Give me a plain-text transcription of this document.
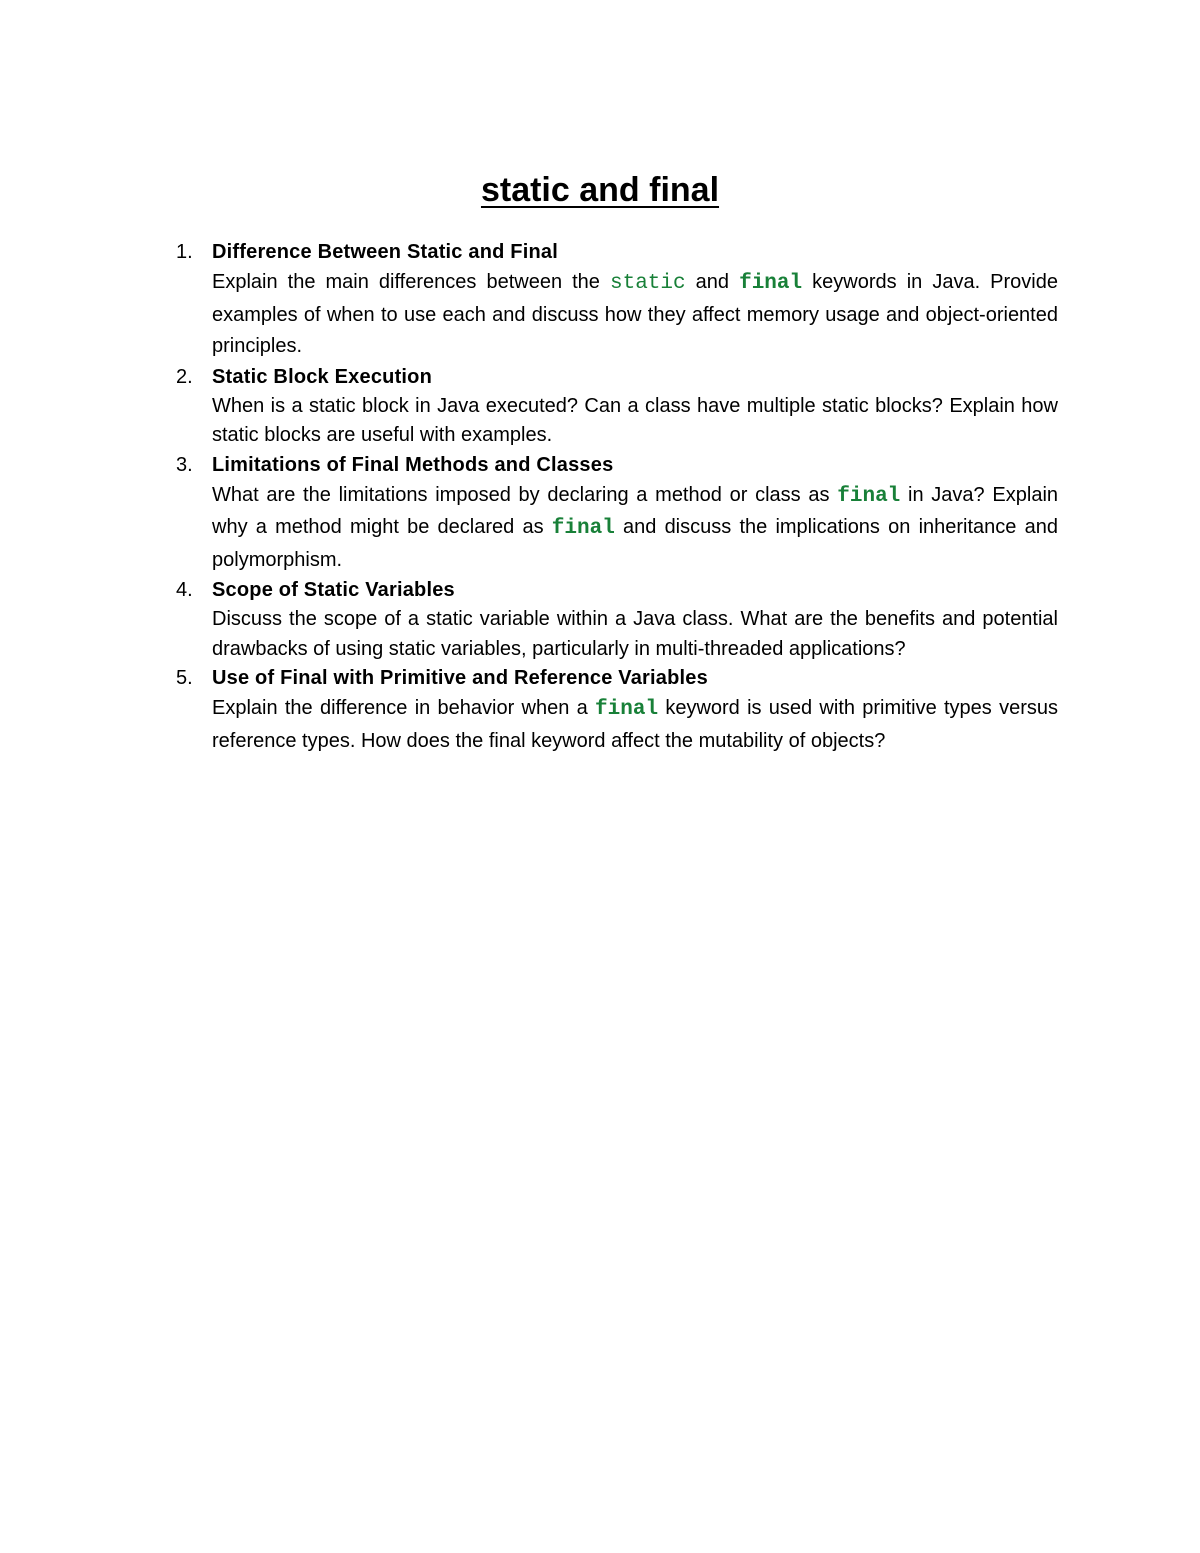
static and final
1. Difference Between Static and Final

Explain the main differences between the static and final keywords in Java. Provide examples of when to use each and discuss how they affect memory usage and object-oriented principles.

2. Static Block Execution

When is a static block in Java executed? Can a class have multiple static blocks? Explain how static blocks are useful with examples.

3. Limitations of Final Methods and Classes

What are the limitations imposed by declaring a method or class as final in Java? Explain why a method might be declared as final and discuss the implications on inheritance and polymorphism.

4. Scope of Static Variables

Discuss the scope of a static variable within a Java class. What are the benefits and potential drawbacks of using static variables, particularly in multi-threaded applications?

5. Use of Final with Primitive and Reference Variables

Explain the difference in behavior when a final keyword is used with primitive types versus reference types. How does the final keyword affect the mutability of objects?
